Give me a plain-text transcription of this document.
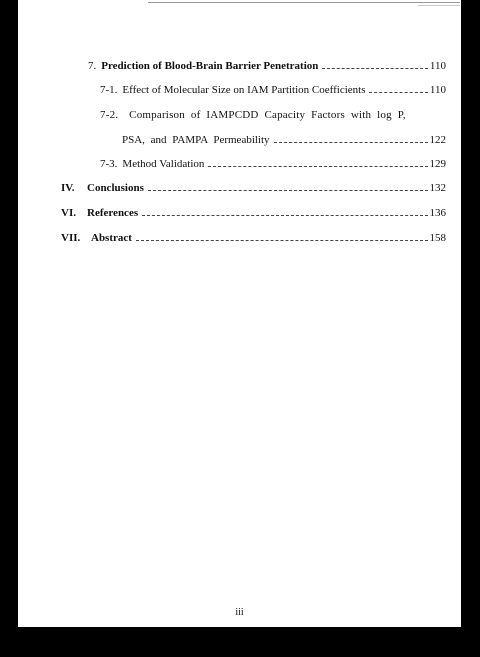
7. Prediction of Blood-Brain Barrier Penetration	110
7-1. Effect of Molecular Size on IAM Partition Coefficients	110
7-2. Comparison of IAMPCDD Capacity Factors with log P,
PSA, and PAMPA Permeability	122
7-3. Method Validation	129
IV.	Conclusions	132
VI.	References	136
VII. Abstract	158
iii
